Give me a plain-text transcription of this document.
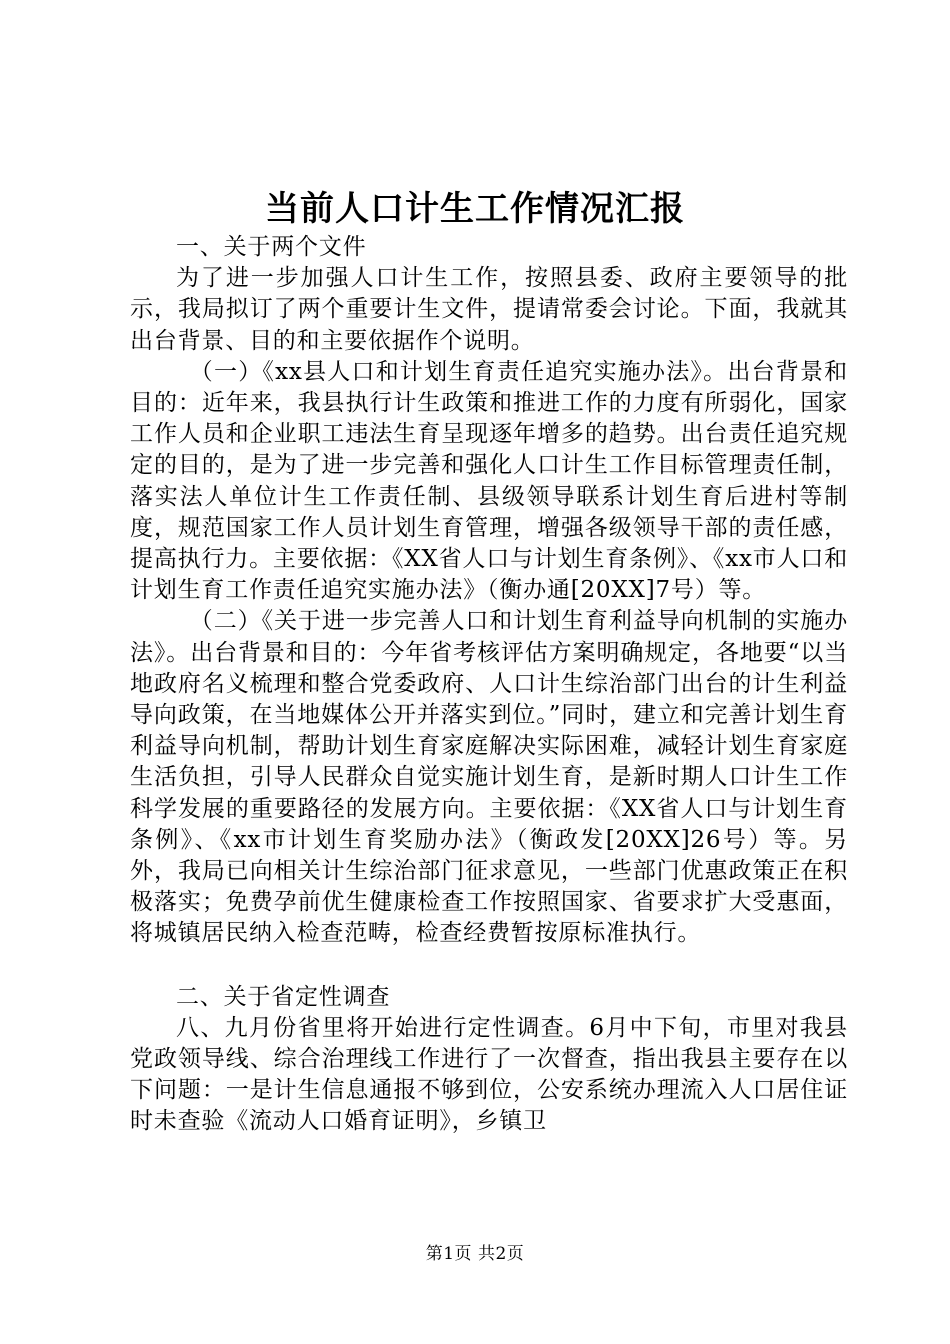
当前人口计生工作情况汇报

一、关于两个文件

为了进一步加强人口计生工作，按照县委、政府主要领导的批示，我局拟订了两个重要计生文件，提请常委会讨论。下面，我就其出台背景、目的和主要依据作个说明。

（一）《xx县人口和计划生育责任追究实施办法》。出台背景和目的：近年来，我县执行计生政策和推进工作的力度有所弱化，国家工作人员和企业职工违法生育呈现逐年增多的趋势。出台责任追究规定的目的，是为了进一步完善和强化人口计生工作目标管理责任制，落实法人单位计生工作责任制、县级领导联系计划生育后进村等制度，规范国家工作人员计划生育管理，增强各级领导干部的责任感，提高执行力。主要依据：《XX省人口与计划生育条例》、《xx市人口和计划生育工作责任追究实施办法》（衡办通[20XX]7号）等。

（二）《关于进一步完善人口和计划生育利益导向机制的实施办法》。出台背景和目的：今年省考核评估方案明确规定，各地要“以当地政府名义梳理和整合党委政府、人口计生综治部门出台的计生利益导向政策，在当地媒体公开并落实到位。”同时，建立和完善计划生育利益导向机制，帮助计划生育家庭解决实际困难，减轻计划生育家庭生活负担，引导人民群众自觉实施计划生育，是新时期人口计生工作科学发展的重要路径的发展方向。主要依据：《XX省人口与计划生育条例》、《xx市计划生育奖励办法》（衡政发[20XX]26号）等。另外，我局已向相关计生综治部门征求意见，一些部门优惠政策正在积极落实；免费孕前优生健康检查工作按照国家、省要求扩大受惠面，将城镇居民纳入检查范畴，检查经费暂按原标准执行。

二、关于省定性调查

八、九月份省里将开始进行定性调查。6月中下旬，市里对我县党政领导线、综合治理线工作进行了一次督查，指出我县主要存在以下问题：一是计生信息通报不够到位，公安系统办理流入人口居住证时未查验《流动人口婚育证明》，乡镇卫

第1页 共2页
